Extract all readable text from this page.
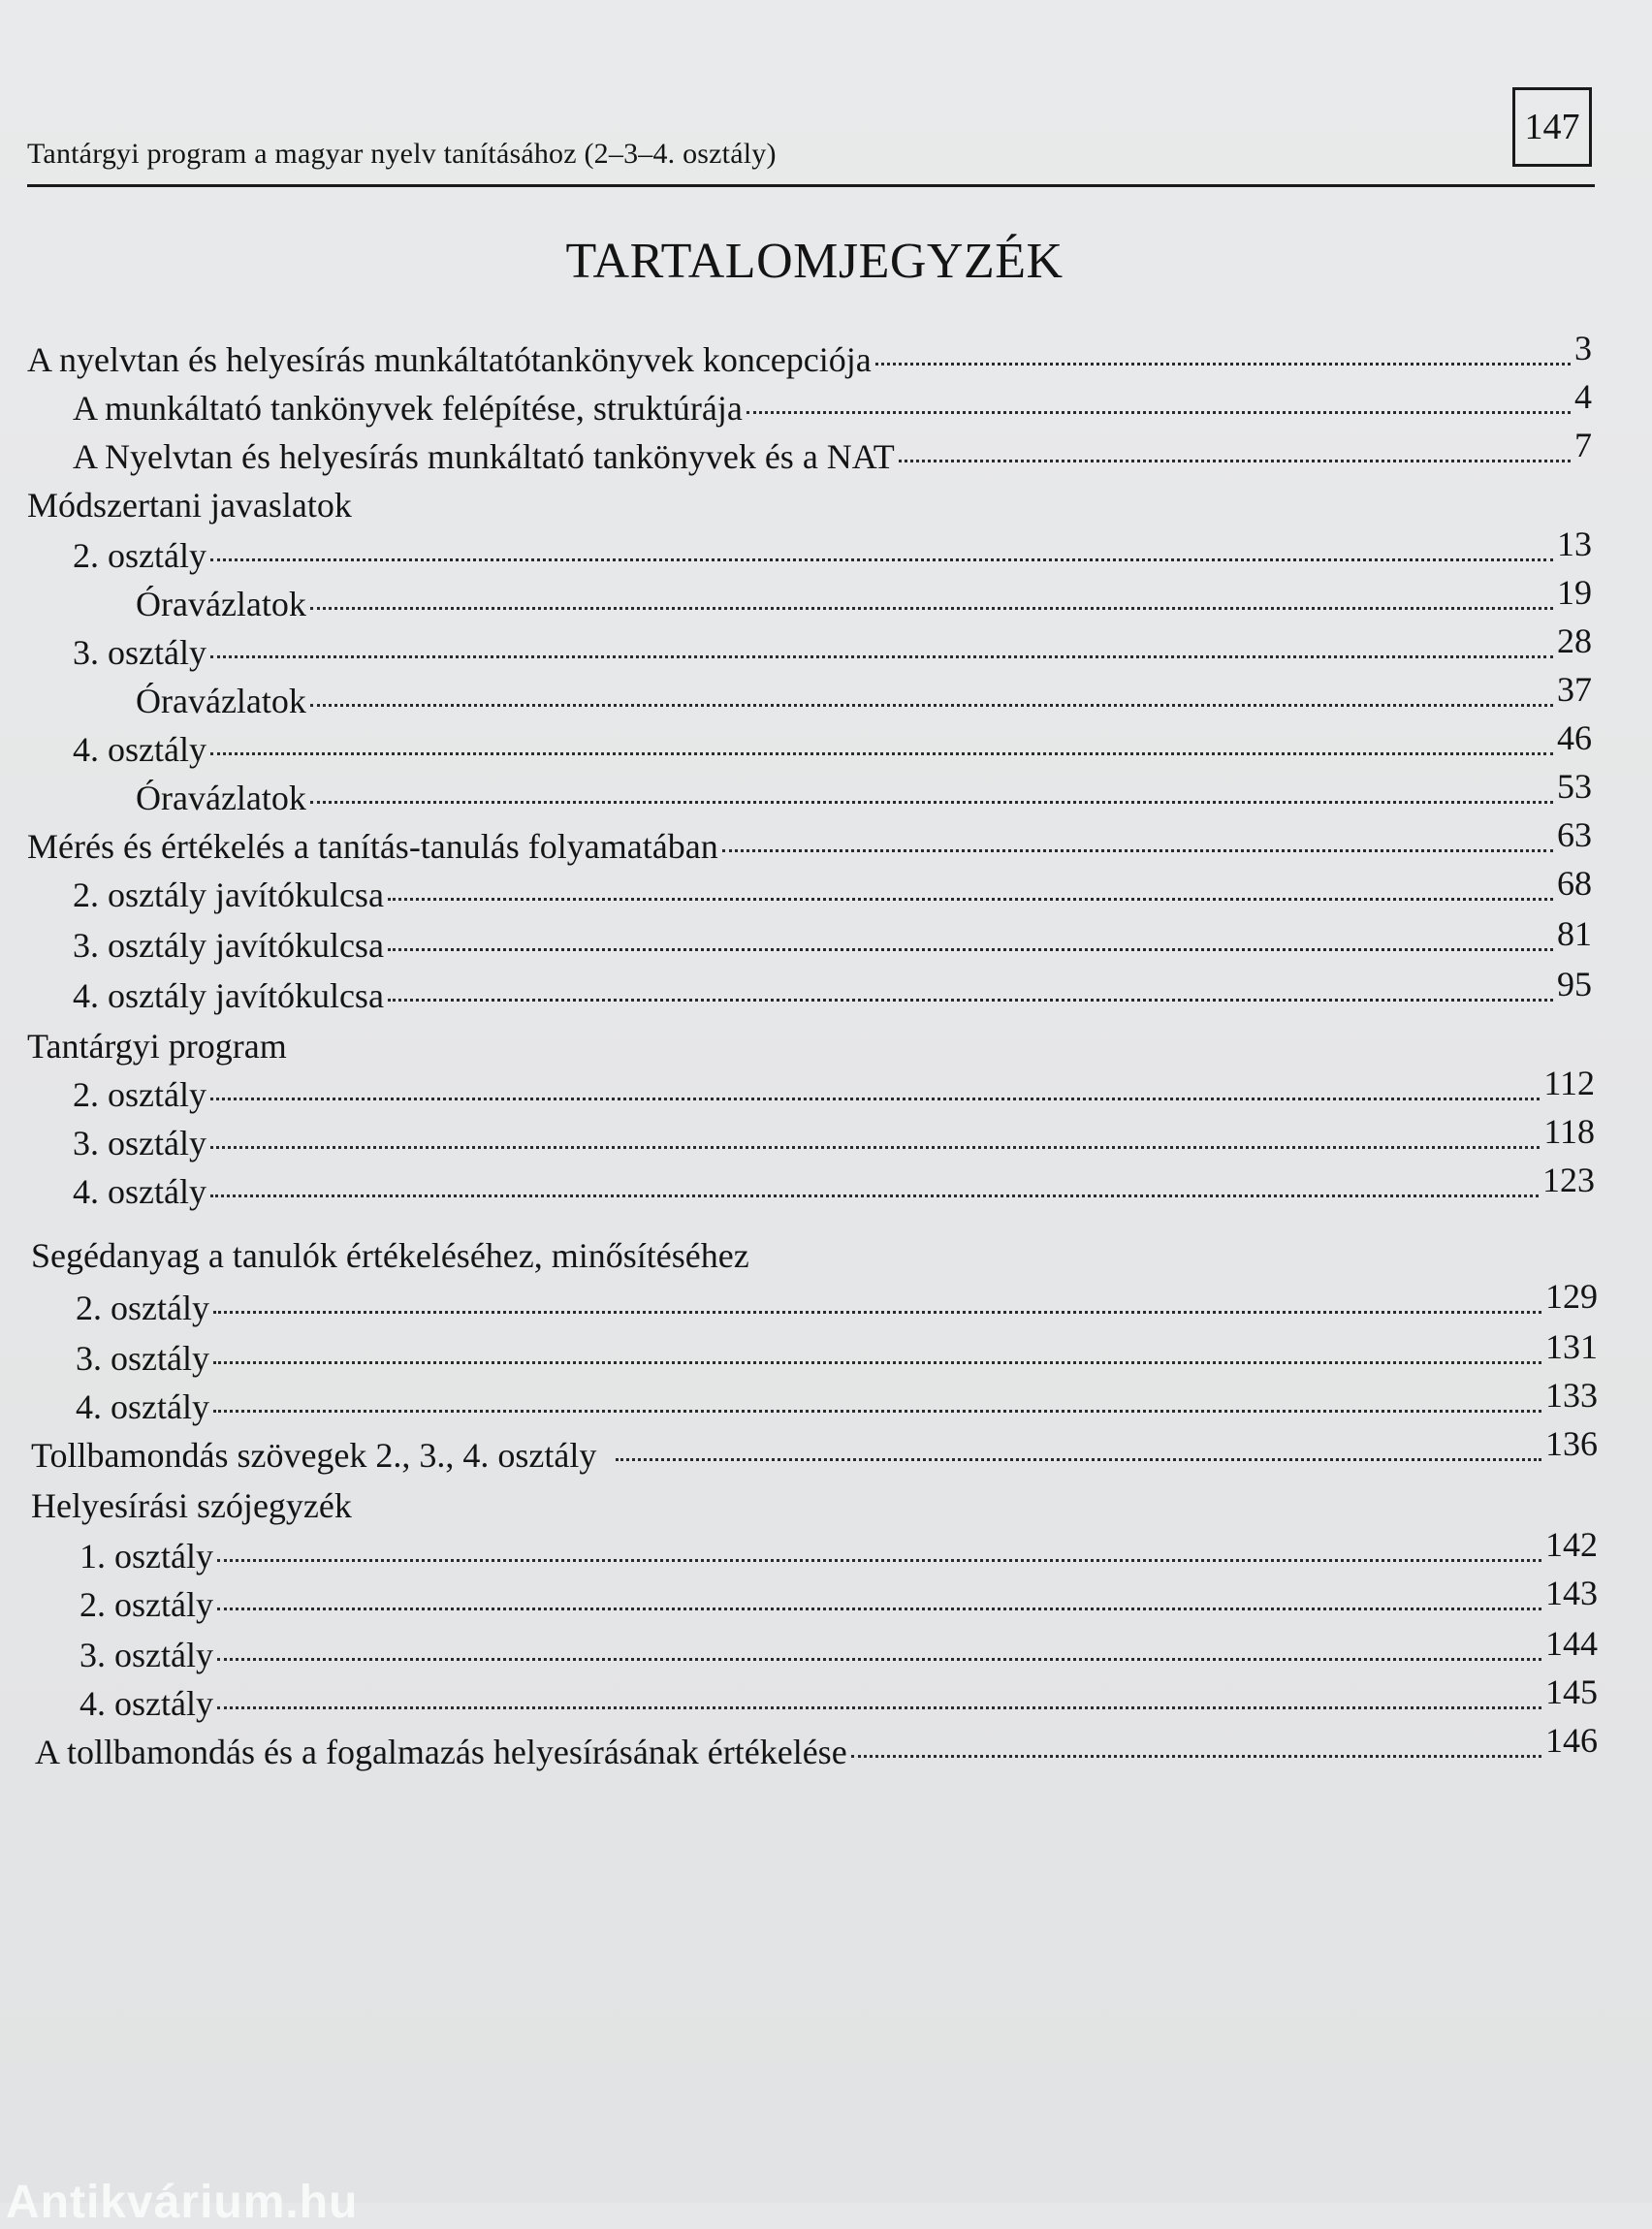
Tantárgyi program a magyar nyelv tanításához (2–3–4. osztály)
147
TARTALOMJEGYZÉK
A nyelvtan és helyesírás munkáltatótankönyvek koncepciója	3
A munkáltató tankönyvek felépítése, struktúrája	4
A Nyelvtan és helyesírás munkáltató tankönyvek és a NAT	7
Módszertani javaslatok
2. osztály	13
Óravázlatok	19
3. osztály	28
Óravázlatok	37
4. osztály	46
Óravázlatok	53
Mérés és értékelés a tanítás-tanulás folyamatában	63
2. osztály javítókulcsa	68
3. osztály javítókulcsa	81
4. osztály javítókulcsa	95
Tantárgyi program
2. osztály	112
3. osztály	118
4. osztály	123
Segédanyag a tanulók értékeléséhez, minősítéséhez
2. osztály	129
3. osztály	131
4. osztály	133
Tollbamondás szövegek 2., 3., 4. osztály	136
Helyesírási szójegyzék
1. osztály	142
2. osztály	143
3. osztály	144
4. osztály	145
A tollbamondás és a fogalmazás helyesírásának értékelése	146
Antikvárium.hu
